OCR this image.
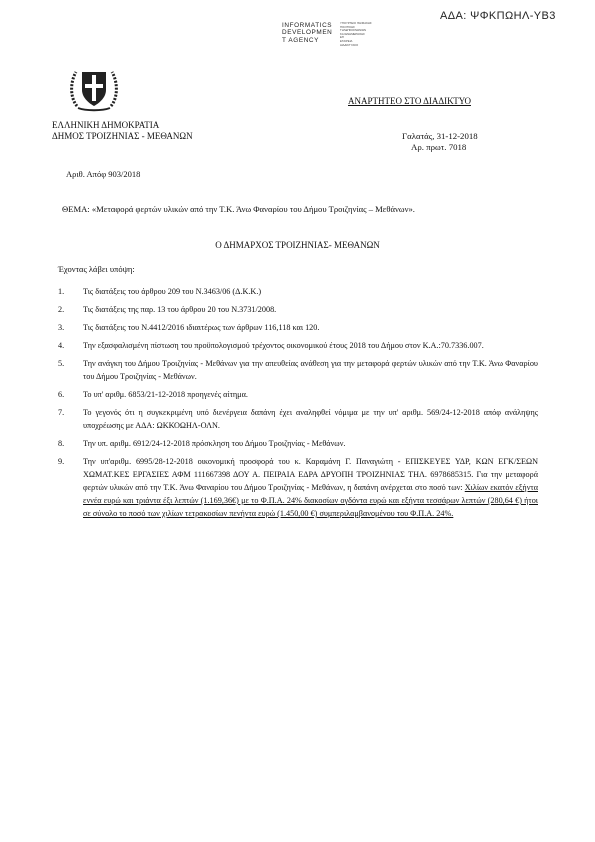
ΑΔΑ: ΨΦΚΠΩΗΛ-ΥΒ3
INFORMATICS
DEVELOPMEN
T AGENCY
ΥΠΟΥΡΓΕΙΟ ΨΗΦΙΑΚΗΣ
ΠΟΛΙΤΙΚΗΣ ΤΗΛΕΠΙΚΟΙΝΩΝΙΩΝ
ΚΑΙ ΕΝΗΜΕΡΩΣΗΣ
ΕΓΙ
ΕΤΑΙΡΕΙΑ
ΔΙΑΔΙΚΤΥΑΚΟ
ΑΝΑΡΤΗΤΕΟ ΣΤΟ ΔΙΑΔΙΚΤΥΟ
ΕΛΛΗΝΙΚΗ ΔΗΜΟΚΡΑΤΙΑ
ΔΗΜΟΣ ΤΡΟΙΖΗΝΙΑΣ - ΜΕΘΑΝΩΝ	Γαλατάς, 31-12-2018
Αρ. πρωτ. 7018
Αριθ. Απόφ 903/2018
ΘΕΜΑ: «Μεταφορά φερτών υλικών από την Τ.Κ. Άνω Φαναρίου του Δήμου Τροιζηνίας – Μεθάνων».
Ο ΔΗΜΑΡΧΟΣ ΤΡΟΙΖΗΝΙΑΣ- ΜΕΘΑΝΩΝ
Έχοντας λάβει υπόψη:
1. Τις διατάξεις του άρθρου 209 του Ν.3463/06 (Δ.Κ.Κ.)
2. Τις διατάξεις της παρ. 13 του άρθρου 20 του Ν.3731/2008.
3. Τις διατάξεις του Ν.4412/2016 ιδιαιτέρως των άρθρων 116,118 και 120.
4. Την εξασφαλισμένη πίστωση του προϋπολογισμού τρέχοντος οικονομικού έτους 2018 του Δήμου στον Κ.Α.:70.7336.007.
5. Την ανάγκη του Δήμου Τροιζηνίας - Μεθάνων για την απευθείας ανάθεση για την μεταφορά φερτών υλικών από την Τ.Κ. Άνω Φαναρίου του Δήμου Τροιζηνίας - Μεθάνων.
6. Το υπ' αριθμ. 6853/21-12-2018 προηγενές αίτημα.
7. Το γεγονός ότι η συγκεκριμένη υπό διενέργεια δαπάνη έχει αναληφθεί νόμιμα με την υπ' αριθμ. 569/24-12-2018 απόφ ανάληψης υποχρέωσης με ΑΔΑ: ΩΚΚΟΩΗΛ-ΟΛΝ.
8. Την υπ. αριθμ. 6912/24-12-2018 πρόσκληση του Δήμου Τροιζηνίας - Μεθάνων.
9. Την υπ'αριθμ. 6995/28-12-2018 οικονομική προσφορά του κ. Καραμάνη Γ. Παναγιώτη - ΕΠΙΣΚΕΥΕΣ ΥΔΡ, ΚΩΝ ΕΓΚ/ΣΕΩΝ ΧΩΜΑΤ.ΚΕΣ ΕΡΓΑΣΙΕΣ ΑΦΜ 111667398 ΔΟΥ Α. ΠΕΙΡΑΙΑ ΕΔΡΑ ΔΡΥΟΠΗ ΤΡΟΙΖΗΝΙΑΣ ΤΗΛ. 6978685315. Για την μεταφορά φερτών υλικών από την Τ.Κ. Άνω Φαναρίου του Δήμου Τροιζηνίας - Μεθάνων, η δαπάνη ανέρχεται στο ποσό των: Χιλίων εκατόν εξήντα εννέα ευρώ και τριάντα έξι λεπτών (1.169,36€) με το Φ.Π.Α. 24% διακοσίων ογδόντα ευρώ και εξήντα τεσσάρων λεπτών (280,64 €) ήτοι σε σύνολο το ποσό των χιλίων τετρακοσίων πενήντα ευρώ (1.450,00 €) συμπεριλαμβανομένου του Φ.Π.Α. 24%.
